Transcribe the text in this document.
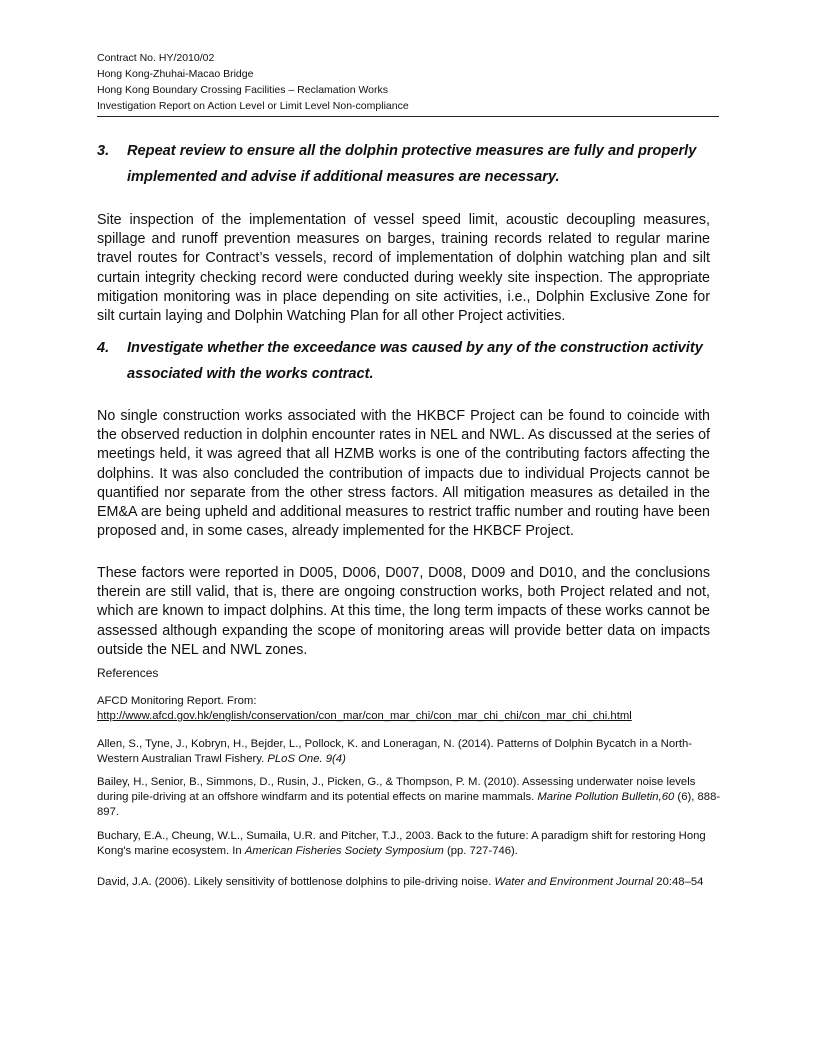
Contract No. HY/2010/02
Hong Kong-Zhuhai-Macao Bridge
Hong Kong Boundary Crossing Facilities – Reclamation Works
Investigation Report on Action Level or Limit Level Non-compliance
3. Repeat review to ensure all the dolphin protective measures are fully and properly implemented and advise if additional measures are necessary.

Site inspection of the implementation of vessel speed limit, acoustic decoupling measures, spillage and runoff prevention measures on barges, training records related to regular marine travel routes for Contract’s vessels, record of implementation of dolphin watching plan and silt curtain integrity checking record were conducted during weekly site inspection. The appropriate mitigation monitoring was in place depending on site activities, i.e., Dolphin Exclusive Zone for silt curtain laying and Dolphin Watching Plan for all other Project activities.

4. Investigate whether the exceedance was caused by any of the construction activity associated with the works contract.

No single construction works associated with the HKBCF Project can be found to coincide with the observed reduction in dolphin encounter rates in NEL and NWL. As discussed at the series of meetings held, it was agreed that all HZMB works is one of the contributing factors affecting the dolphins. It was also concluded the contribution of impacts due to individual Projects cannot be quantified nor separate from the other stress factors. All mitigation measures as detailed in the EM&A are being upheld and additional measures to restrict traffic number and routing have been proposed and, in some cases, already implemented for the HKBCF Project.

These factors were reported in D005, D006, D007, D008, D009 and D010, and the conclusions therein are still valid, that is, there are ongoing construction works, both Project related and not, which are known to impact dolphins. At this time, the long term impacts of these works cannot be assessed although expanding the scope of monitoring areas will provide better data on impacts outside the NEL and NWL zones.

References

AFCD Monitoring Report. From:
http://www.afcd.gov.hk/english/conservation/con_mar/con_mar_chi/con_mar_chi_chi/con_mar_chi_chi.html

Allen, S., Tyne, J., Kobryn, H., Bejder, L., Pollock, K. and Loneragan, N. (2014). Patterns of Dolphin Bycatch in a North-Western Australian Trawl Fishery. PLoS One. 9(4)

Bailey, H., Senior, B., Simmons, D., Rusin, J., Picken, G., & Thompson, P. M. (2010). Assessing underwater noise levels during pile-driving at an offshore windfarm and its potential effects on marine mammals. Marine Pollution Bulletin,60 (6), 888-897.

Buchary, E.A., Cheung, W.L., Sumaila, U.R. and Pitcher, T.J., 2003. Back to the future: A paradigm shift for restoring Hong Kong's marine ecosystem. In American Fisheries Society Symposium (pp. 727-746).

David, J.A. (2006). Likely sensitivity of bottlenose dolphins to pile-driving noise. Water and Environment Journal 20:48–54
